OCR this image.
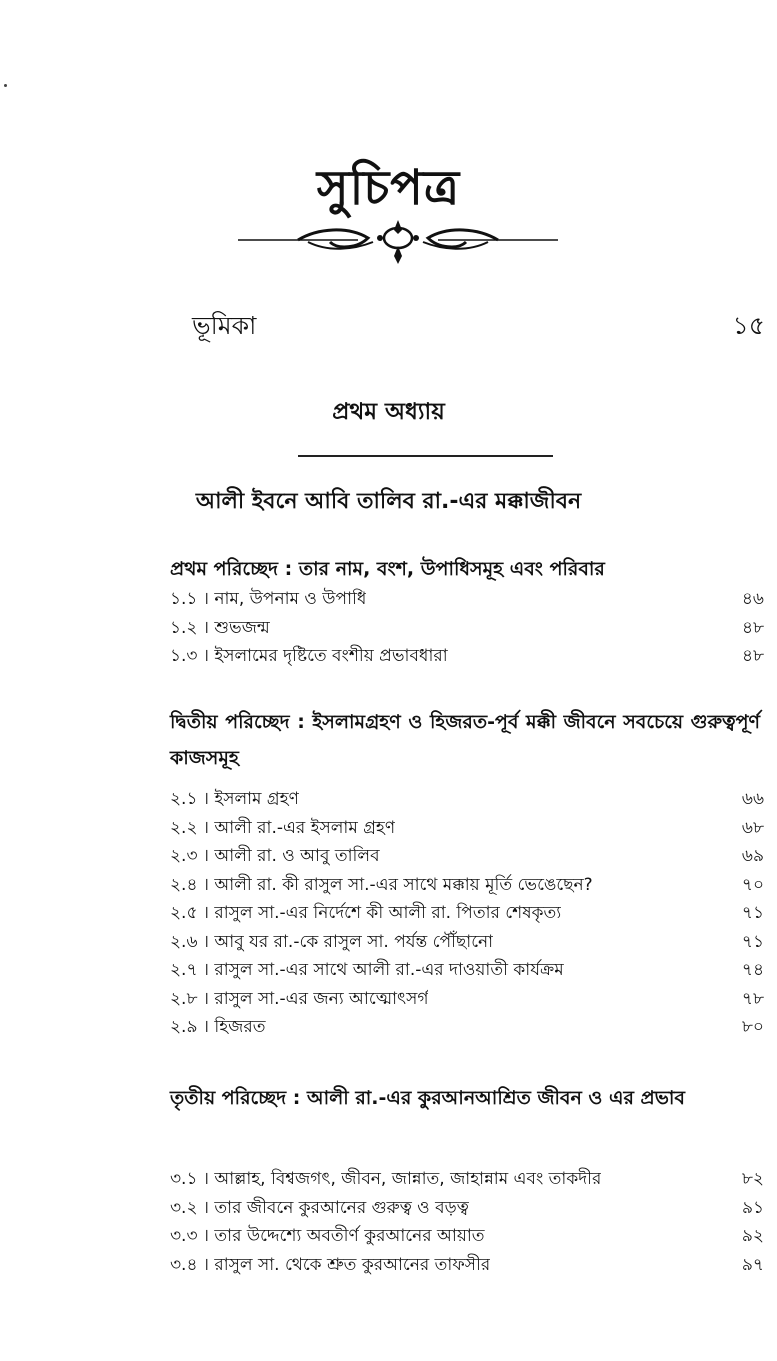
সুচিপত্র
ভূমিকা	১৫
প্রথম অধ্যায়
আলী ইবনে আবি তালিব রা.-এর মক্কাজীবন
প্রথম পরিচ্ছেদ : তার নাম, বংশ, উপাধিসমূহ এবং পরিবার
১.১ । নাম, উপনাম ও উপাধি	৪৬
১.২ । শুভজন্ম	৪৮
১.৩ । ইসলামের দৃষ্টিতে বংশীয় প্রভাবধারা	৪৮
দ্বিতীয় পরিচ্ছেদ : ইসলামগ্রহণ ও হিজরত-পূর্ব মক্কী জীবনে সবচেয়ে গুরুত্বপূর্ণ কাজসমূহ
২.১ । ইসলাম গ্রহণ	৬৬
২.২ । আলী রা.-এর ইসলাম গ্রহণ	৬৮
২.৩ । আলী রা. ও আবু তালিব	৬৯
২.৪ । আলী রা. কী রাসুল সা.-এর সাথে মক্কায় মূর্তি ভেঙেছেন?	৭০
২.৫ । রাসুল সা.-এর নির্দেশে কী আলী রা. পিতার শেষকৃত্য	৭১
২.৬ । আবু যর রা.-কে রাসুল সা. পর্যন্ত পৌঁছানো	৭১
২.৭ । রাসুল সা.-এর সাথে আলী রা.-এর দাওয়াতী কার্যক্রম	৭৪
২.৮ । রাসুল সা.-এর জন্য আত্মোৎসর্গ	৭৮
২.৯ । হিজরত	৮০
তৃতীয় পরিচ্ছেদ : আলী রা.-এর কুরআনআশ্রিত জীবন ও এর প্রভাব
৩.১ । আল্লাহ, বিশ্বজগৎ, জীবন, জান্নাত, জাহান্নাম এবং তাকদীর	৮২
৩.২ । তার জীবনে কুরআনের গুরুত্ব ও বড়ত্ব	৯১
৩.৩ । তার উদ্দেশ্যে অবতীর্ণ কুরআনের আয়াত	৯২
৩.৪ । রাসুল সা. থেকে শ্রুত কুরআনের তাফসীর	৯৭
